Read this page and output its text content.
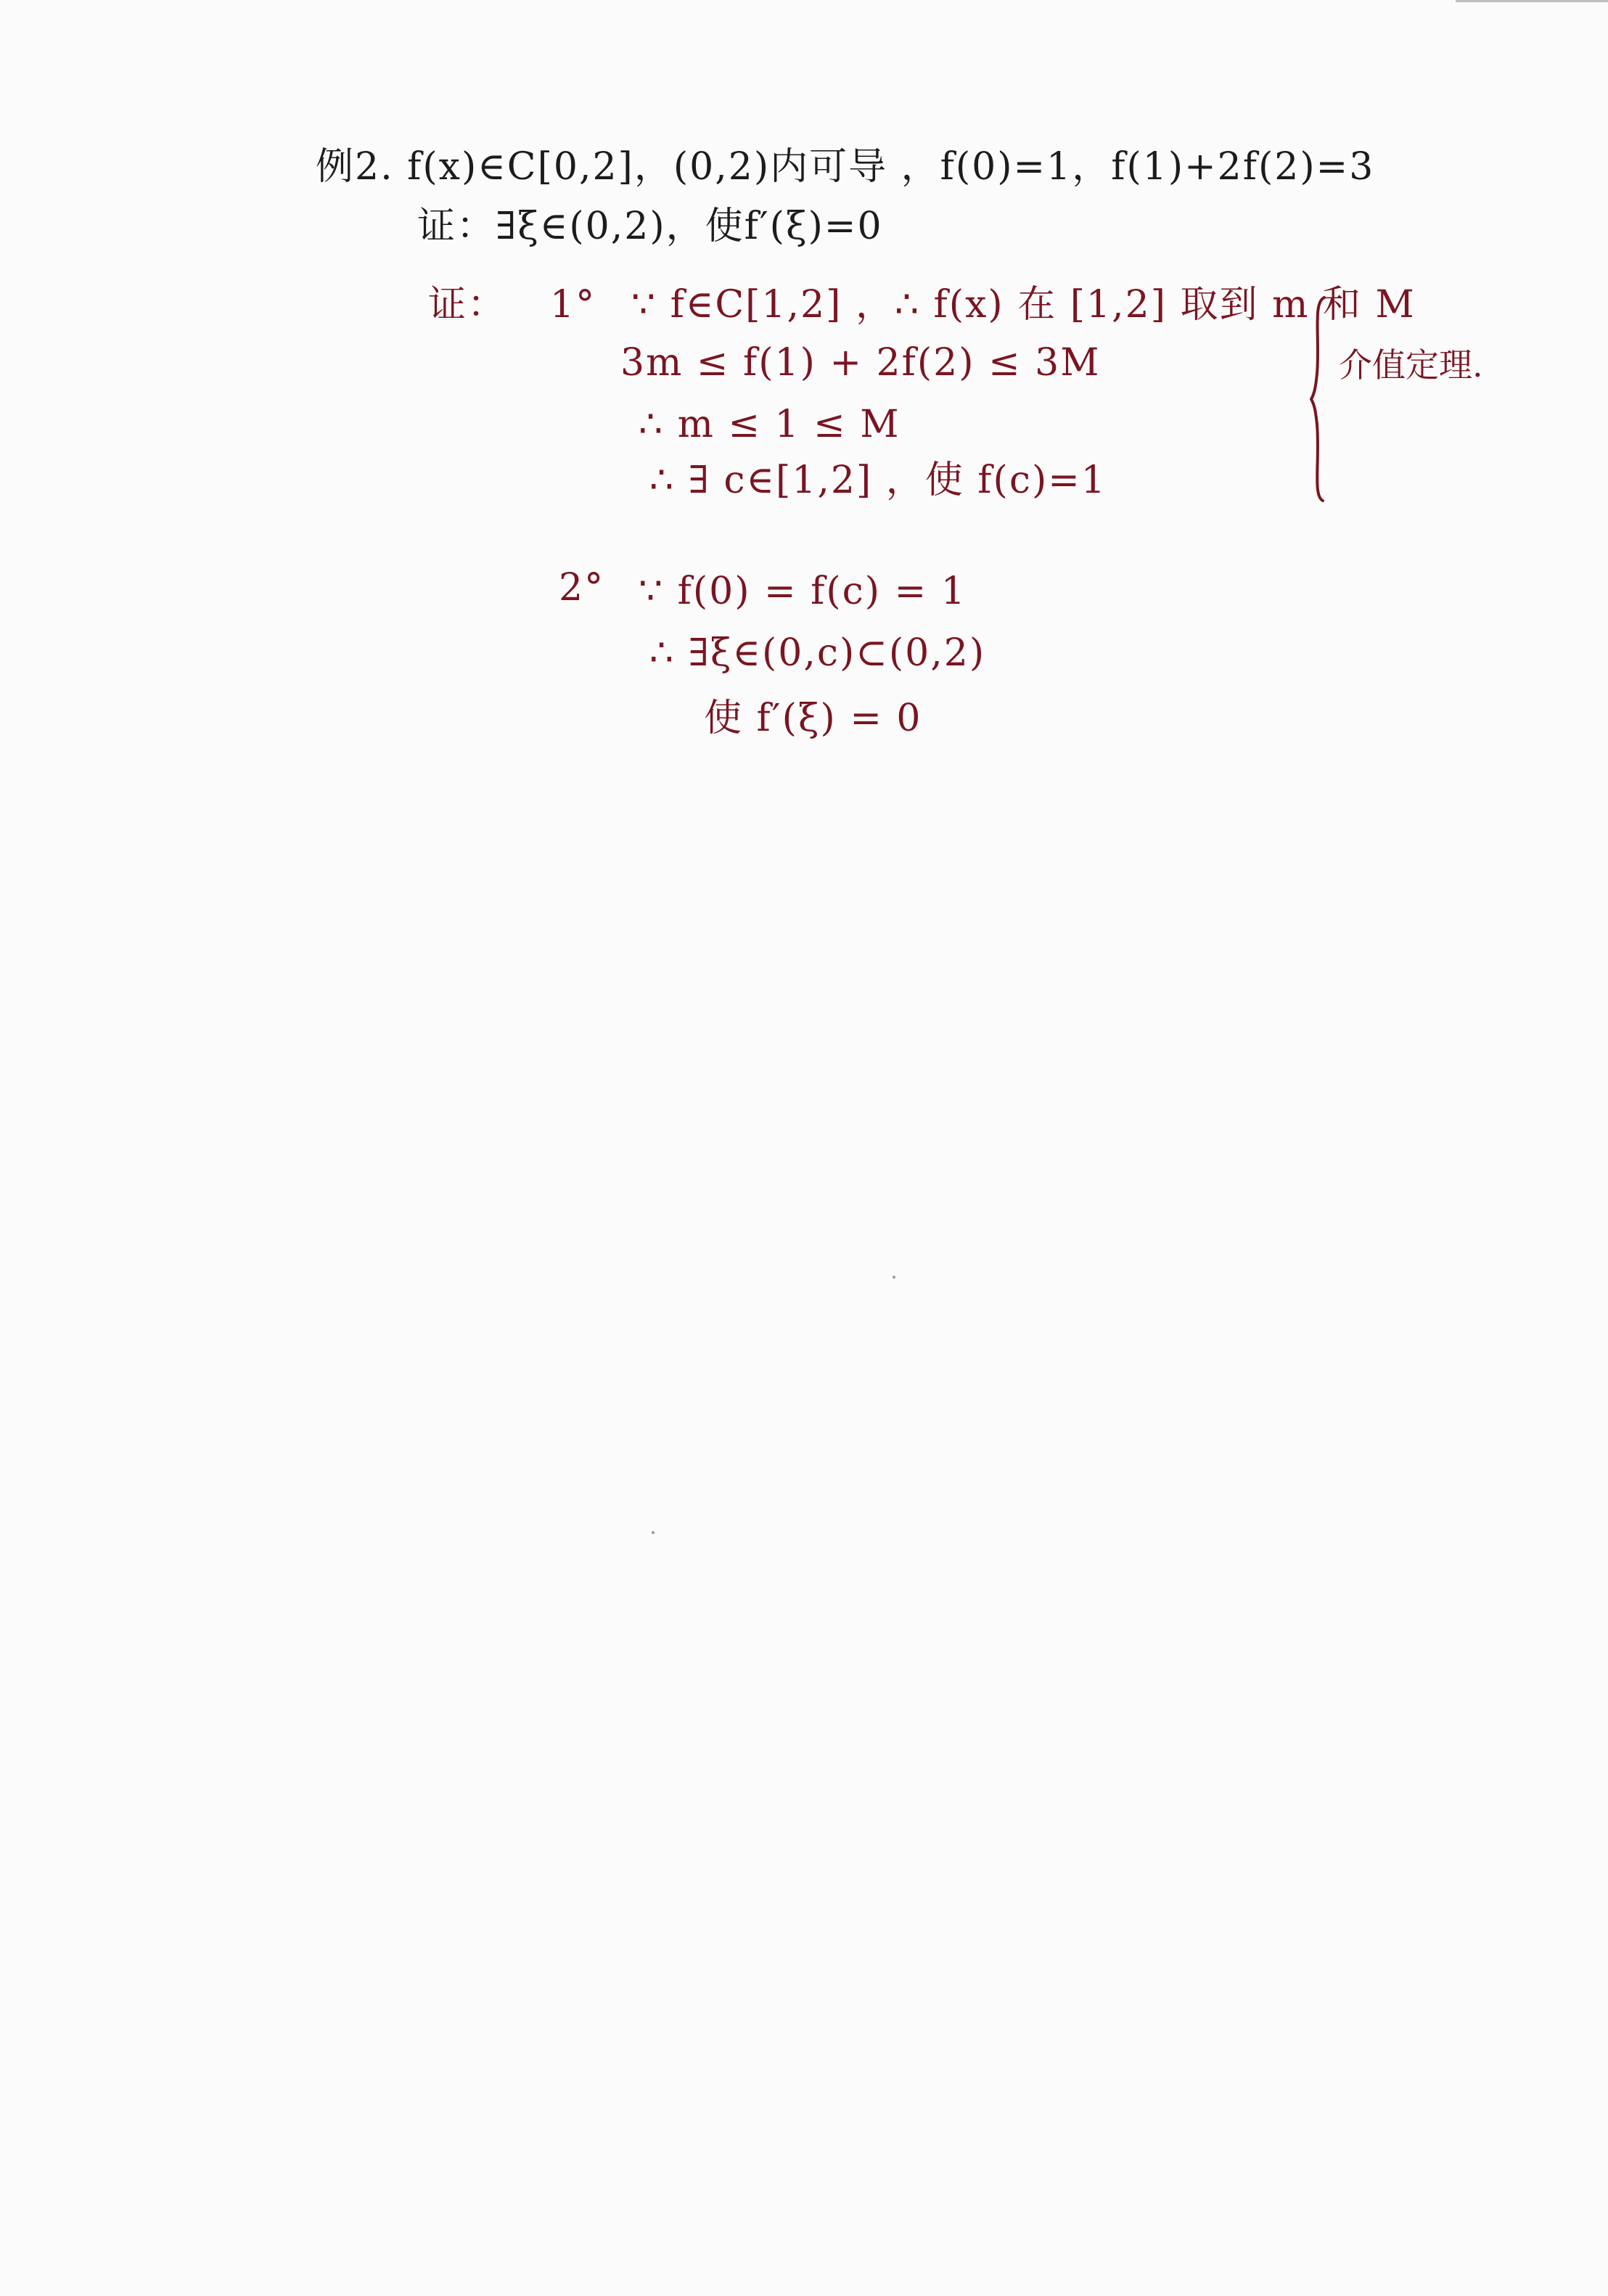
例2. f(x)∈C[0,2]，(0,2)内可导 ，f(0)=1，f(1)+2f(2)=3
证：∃ξ∈(0,2)，使f′(ξ)=0
证： 1° ∵ f∈C[1,2] ，∴ f(x) 在 [1,2] 取到 m 和 M
3m ≤ f(1) + 2f(2) ≤ 3M
∴ m ≤ 1 ≤ M
∴ ∃ c∈[1,2] ，使 f(c)=1
介值定理.
2° ∵ f(0) = f(c) = 1
∴ ∃ξ∈(0,c)⊂(0,2)
使 f′(ξ) = 0
